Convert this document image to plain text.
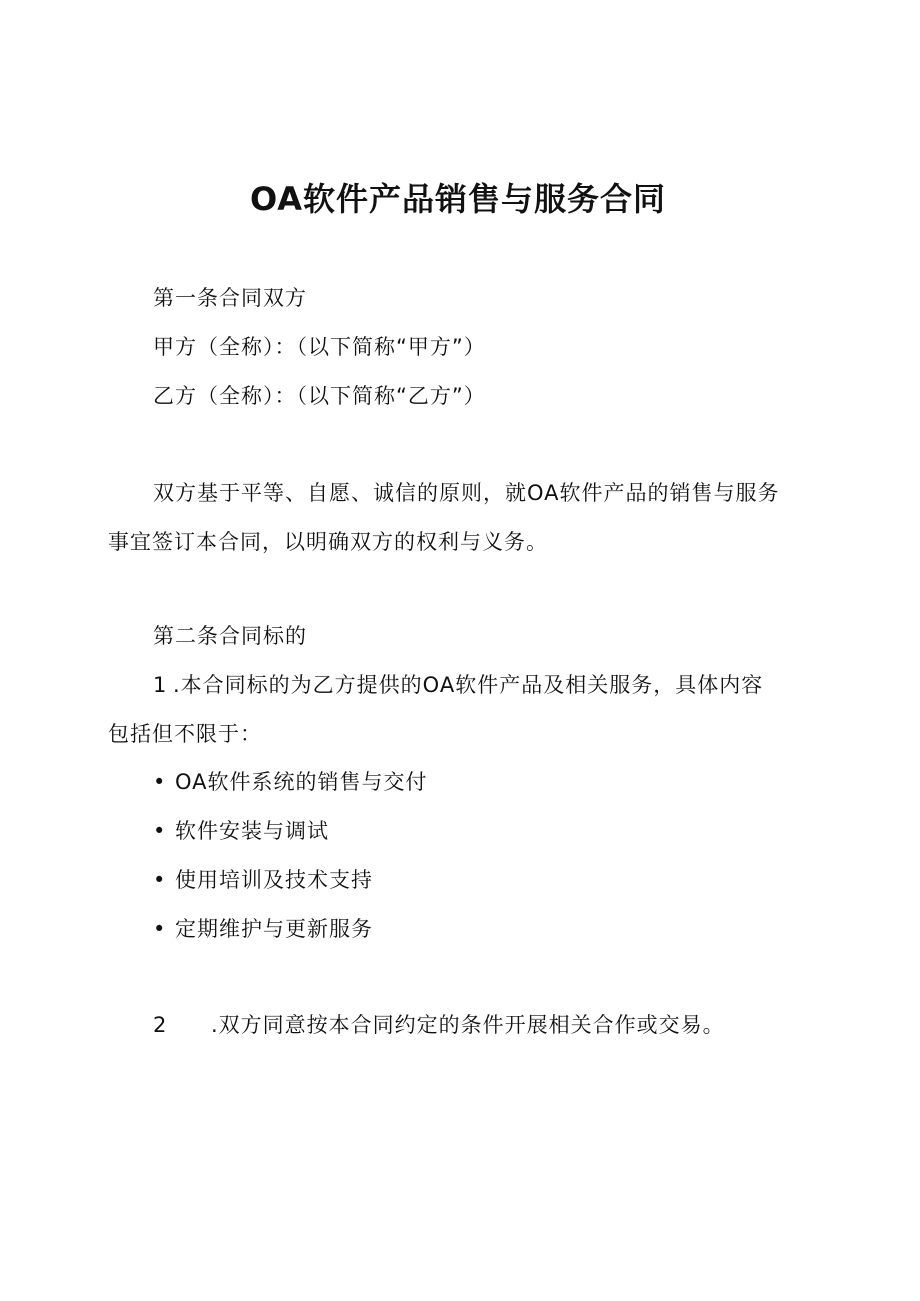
OA软件产品销售与服务合同
第一条合同双方
甲方（全称）：（以下简称“甲方”）
乙方（全称）：（以下简称“乙方”）
双方基于平等、自愿、诚信的原则，就OA软件产品的销售与服务
事宜签订本合同，以明确双方的权利与义务。
第二条合同标的
1 .本合同标的为乙方提供的OA软件产品及相关服务，具体内容
包括但不限于：
• OA软件系统的销售与交付
• 软件安装与调试
• 使用培训及技术支持
• 定期维护与更新服务
2 .双方同意按本合同约定的条件开展相关合作或交易。
